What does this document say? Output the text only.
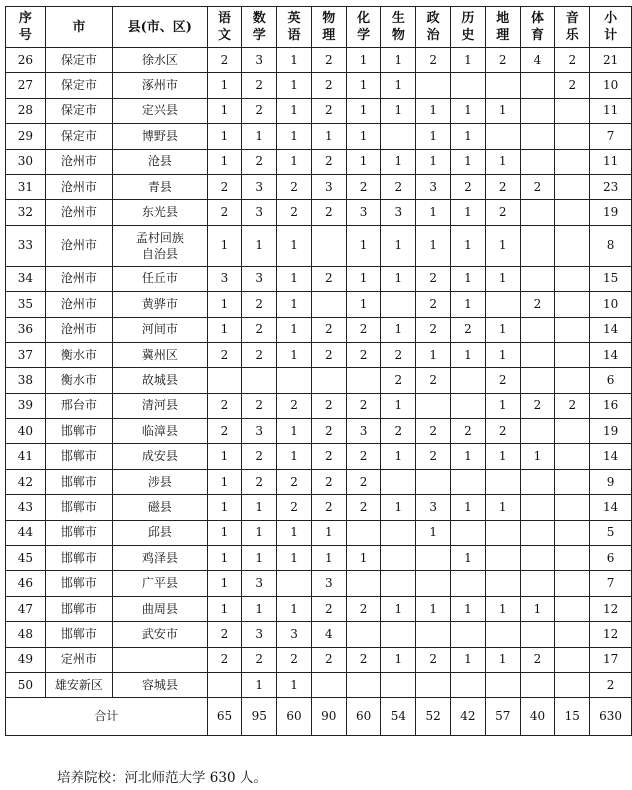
序号	市	县(市、区)	语文	数学	英语	物理	化学	生物	政治	历史	地理	体育	音乐	小计
26	保定市	徐水区	2	3	1	2	1	1	2	1	2	4	2	21
27	保定市	涿州市	1	2	1	2	1	1					2	10
28	保定市	定兴县	1	2	1	2	1	1	1	1	1			11
29	保定市	博野县	1	1	1	1	1		1	1				7
30	沧州市	沧县	1	2	1	2	1	1	1	1	1			11
31	沧州市	青县	2	3	2	3	2	2	3	2	2	2		23
32	沧州市	东光县	2	3	2	2	3	3	1	1	2			19
33	沧州市	孟村回族自治县	1	1	1		1	1	1	1	1			8
34	沧州市	任丘市	3	3	1	2	1	1	2	1	1			15
35	沧州市	黄骅市	1	2	1		1		2	1		2		10
36	沧州市	河间市	1	2	1	2	2	1	2	2	1			14
37	衡水市	冀州区	2	2	1	2	2	2	1	1	1			14
38	衡水市	故城县						2	2		2			6
39	邢台市	清河县	2	2	2	2	2	1			1	2	2	16
40	邯郸市	临漳县	2	3	1	2	3	2	2	2	2			19
41	邯郸市	成安县	1	2	1	2	2	1	2	1	1	1		14
42	邯郸市	涉县	1	2	2	2	2							9
43	邯郸市	磁县	1	1	2	2	2	1	3	1	1			14
44	邯郸市	邱县	1	1	1	1			1					5
45	邯郸市	鸡泽县	1	1	1	1	1			1				6
46	邯郸市	广平县	1	3		3								7
47	邯郸市	曲周县	1	1	1	2	2	1	1	1	1	1		12
48	邯郸市	武安市	2	3	3	4								12
49	定州市		2	2	2	2	2	1	2	1	1	2		17
50	雄安新区	容城县		1	1									2
合计			65	95	60	90	60	54	52	42	57	40	15	630
培养院校：河北师范大学 630 人。
